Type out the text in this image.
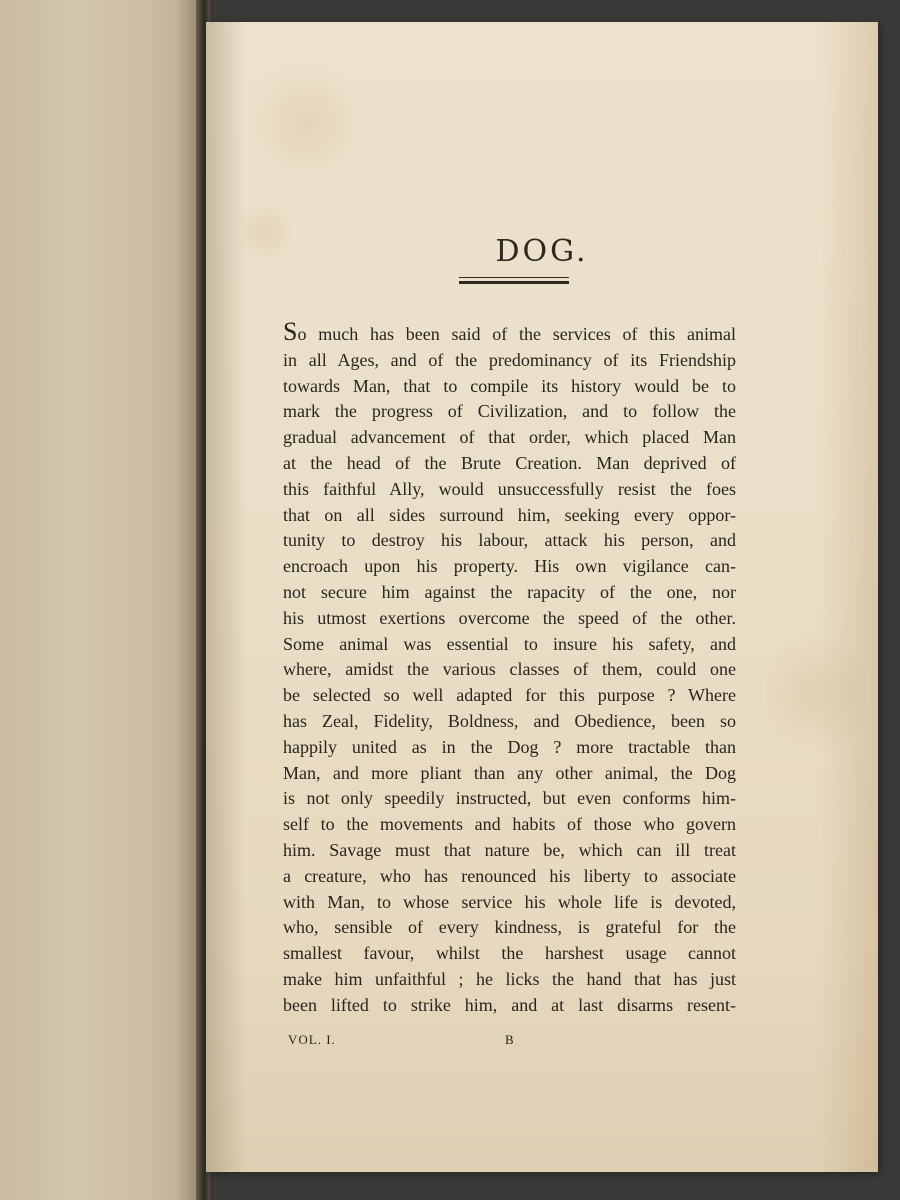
DOG.
So much has been said of the services of this animal
in all Ages, and of the predominancy of its Friendship
towards Man, that to compile its history would be to
mark the progress of Civilization, and to follow the
gradual advancement of that order, which placed Man
at the head of the Brute Creation. Man deprived of
this faithful Ally, would unsuccessfully resist the foes
that on all sides surround him, seeking every oppor-
tunity to destroy his labour, attack his person, and
encroach upon his property. His own vigilance can-
not secure him against the rapacity of the one, nor
his utmost exertions overcome the speed of the other.
Some animal was essential to insure his safety, and
where, amidst the various classes of them, could one
be selected so well adapted for this purpose ? Where
has Zeal, Fidelity, Boldness, and Obedience, been so
happily united as in the Dog ? more tractable than
Man, and more pliant than any other animal, the Dog
is not only speedily instructed, but even conforms him-
self to the movements and habits of those who govern
him. Savage must that nature be, which can ill treat
a creature, who has renounced his liberty to associate
with Man, to whose service his whole life is devoted,
who, sensible of every kindness, is grateful for the
smallest favour, whilst the harshest usage cannot
make him unfaithful ; he licks the hand that has just
been lifted to strike him, and at last disarms resent-
VOL. I.	B
